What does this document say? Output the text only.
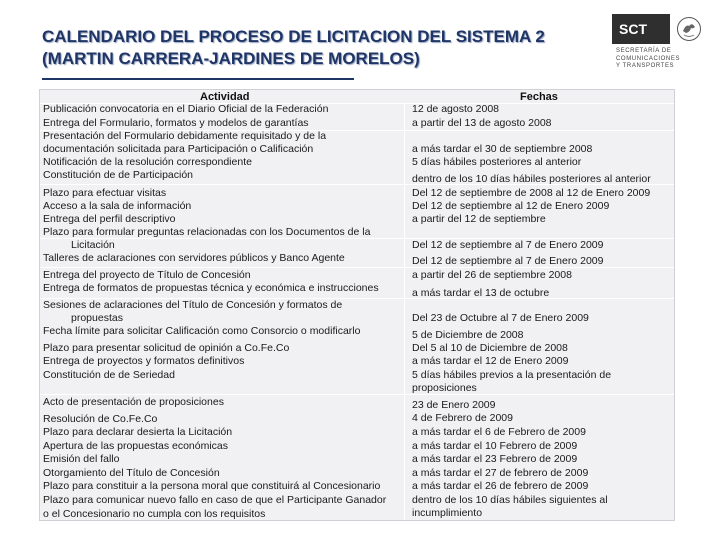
CALENDARIO DEL PROCESO DE LICITACION DEL SISTEMA 2
(MARTIN CARRERA-JARDINES DE MORELOS)
SCT
SECRETARÍA DE
COMUNICACIONES
Y TRANSPORTES
Actividad	Fechas
Publicación convocatoria en el Diario Oficial de la Federación
Entrega del Formulario, formatos y modelos de garantías
Presentación del Formulario debidamente requisitado y de la
documentación solicitada para Participación o Calificación
Notificación de la resolución correspondiente
Constitución de de Participación
Plazo para efectuar visitas
Acceso a la sala de información
Entrega del perfil descriptivo
Plazo para formular preguntas relacionadas con los Documentos de la
Licitación
Talleres de aclaraciones con servidores públicos y Banco Agente
Entrega del proyecto de Título de Concesión
Entrega de formatos de propuestas técnica y económica e instrucciones
Sesiones de aclaraciones del Título de Concesión y formatos de
propuestas
Fecha límite para solicitar Calificación como Consorcio o modificarlo
Plazo para presentar solicitud de opinión a Co.Fe.Co
Entrega de proyectos y formatos definitivos
Constitución de de Seriedad
Acto de presentación de proposiciones
Resolución de Co.Fe.Co
Plazo para declarar desierta la Licitación
Apertura de las propuestas económicas
Emisión del fallo
Otorgamiento del Título de Concesión
Plazo para constituir a la persona moral que constituirá al Concesionario
Plazo para comunicar nuevo fallo en caso de que el Participante Ganador
o el Concesionario no cumpla con los requisitos
12 de agosto 2008
a partir del 13 de agosto 2008
a más tardar el 30 de septiembre 2008
5 días hábiles posteriores al anterior
dentro de los 10 días hábiles posteriores al anterior
Del 12 de septiembre de 2008 al 12 de Enero 2009
Del 12 de septiembre al 12 de Enero 2009
a partir del 12 de septiembre
Del 12 de septiembre al 7 de Enero 2009
Del 12 de septiembre al 7 de Enero 2009
a partir del 26 de septiembre 2008
a más tardar el 13 de octubre
Del 23 de Octubre al 7 de Enero 2009
5 de Diciembre de 2008
Del 5 al 10 de Diciembre de 2008
a más tardar el 12 de Enero 2009
5 días hábiles previos a la presentación de
proposiciones
23 de Enero 2009
4 de Febrero de 2009
a más tardar el 6 de Febrero de 2009
a más tardar el 10 Febrero de 2009
a más tardar el 23 Febrero de 2009
a más tardar el 27 de febrero de 2009
a más tardar el 26 de febrero de 2009
dentro de los 10 días hábiles siguientes al
incumplimiento
